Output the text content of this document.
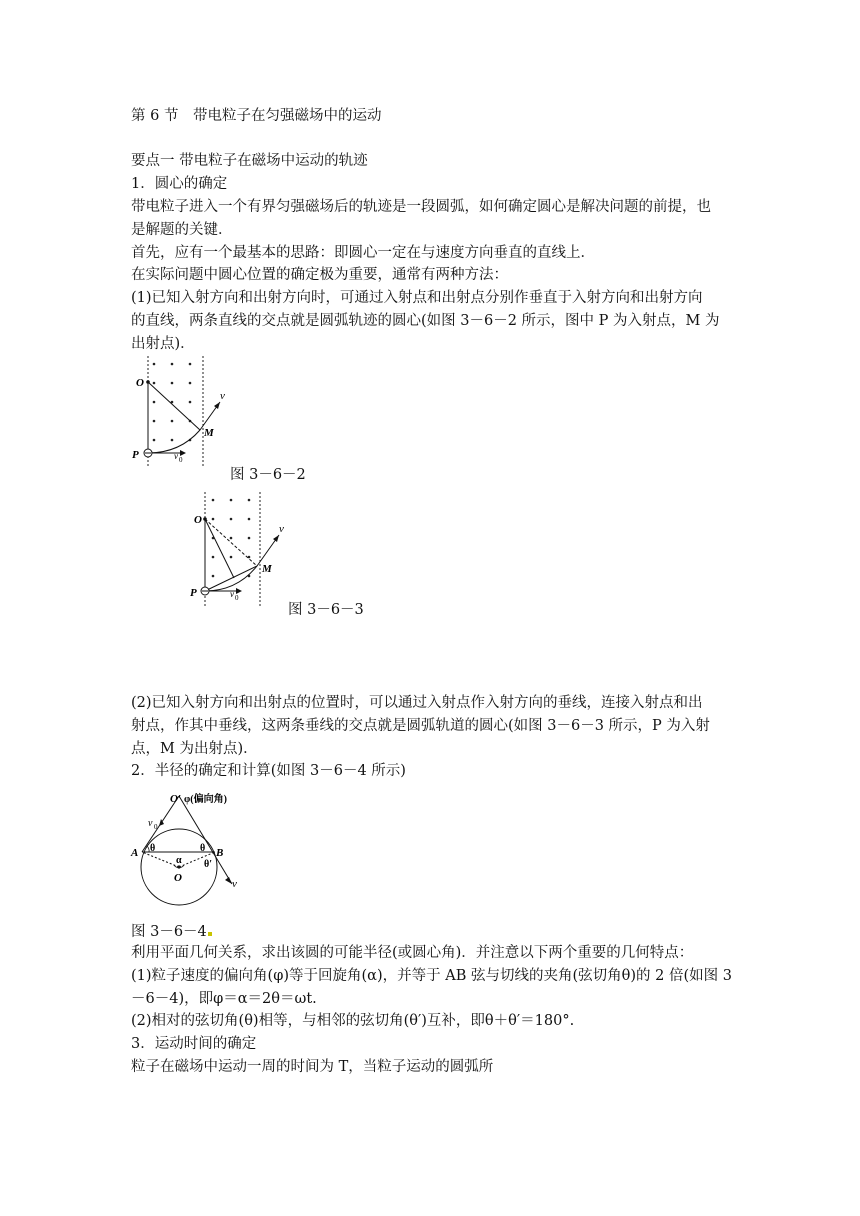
第 6 节　带电粒子在匀强磁场中的运动
要点一 带电粒子在磁场中运动的轨迹
1．圆心的确定
带电粒子进入一个有界匀强磁场后的轨迹是一段圆弧，如何确定圆心是解决问题的前提，也
是解题的关键．
首先，应有一个最基本的思路：即圆心一定在与速度方向垂直的直线上．
在实际问题中圆心位置的确定极为重要，通常有两种方法：
(1)已知入射方向和出射方向时，可通过入射点和出射点分别作垂直于入射方向和出射方向
的直线，两条直线的交点就是圆弧轨迹的圆心(如图 3－6－2 所示，图中 P 为入射点，M 为
出射点)．
O
P
M
v
v 0
图 3－6－2
O
P
M
v
v 0
图 3－6－3
(2)已知入射方向和出射点的位置时，可以通过入射点作入射方向的垂线，连接入射点和出
射点，作其中垂线，这两条垂线的交点就是圆弧轨道的圆心(如图 3－6－3 所示，P 为入射
点，M 为出射点)．
2．半径的确定和计算(如图 3－6－4 所示)
O′ φ(偏向角)
v 0
A	B
θ	θ
θ′
α
O	v
图 3－6－4
利用平面几何关系，求出该圆的可能半径(或圆心角)．并注意以下两个重要的几何特点：
(1)粒子速度的偏向角(φ)等于回旋角(α)，并等于 AB 弦与切线的夹角(弦切角θ)的 2 倍(如图 3
－6－4)，即φ＝α＝2θ＝ωt.
(2)相对的弦切角(θ)相等，与相邻的弦切角(θ′)互补，即θ＋θ′＝180°.
3．运动时间的确定
粒子在磁场中运动一周的时间为 T，当粒子运动的圆弧所
